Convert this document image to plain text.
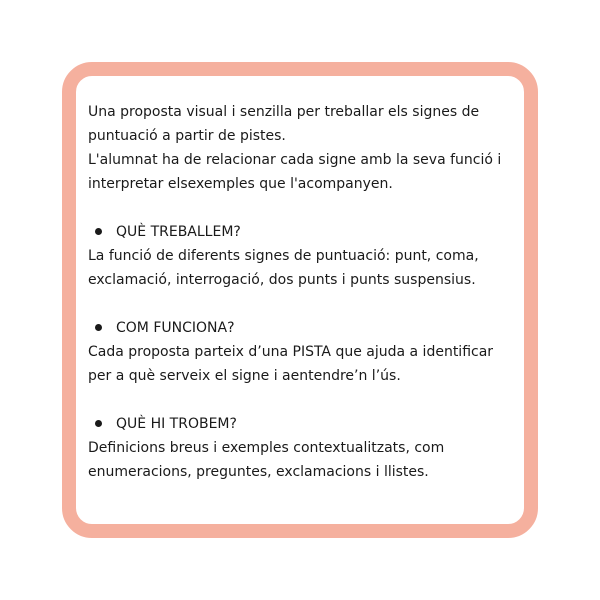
Una proposta visual i senzilla per treballar els signes de

puntuació a partir de pistes.

L'alumnat ha de relacionar cada signe amb la seva funció i

interpretar elsexemples que l'acompanyen.

QUÈ TREBALLEM?

La funció de diferents signes de puntuació: punt, coma,

exclamació, interrogació, dos punts i punts suspensius.

COM FUNCIONA?

Cada proposta parteix d’una PISTA que ajuda a identificar

per a què serveix el signe i aentendre’n l’ús.

QUÈ HI TROBEM?

Definicions breus i exemples contextualitzats, com

enumeracions, preguntes, exclamacions i llistes.
